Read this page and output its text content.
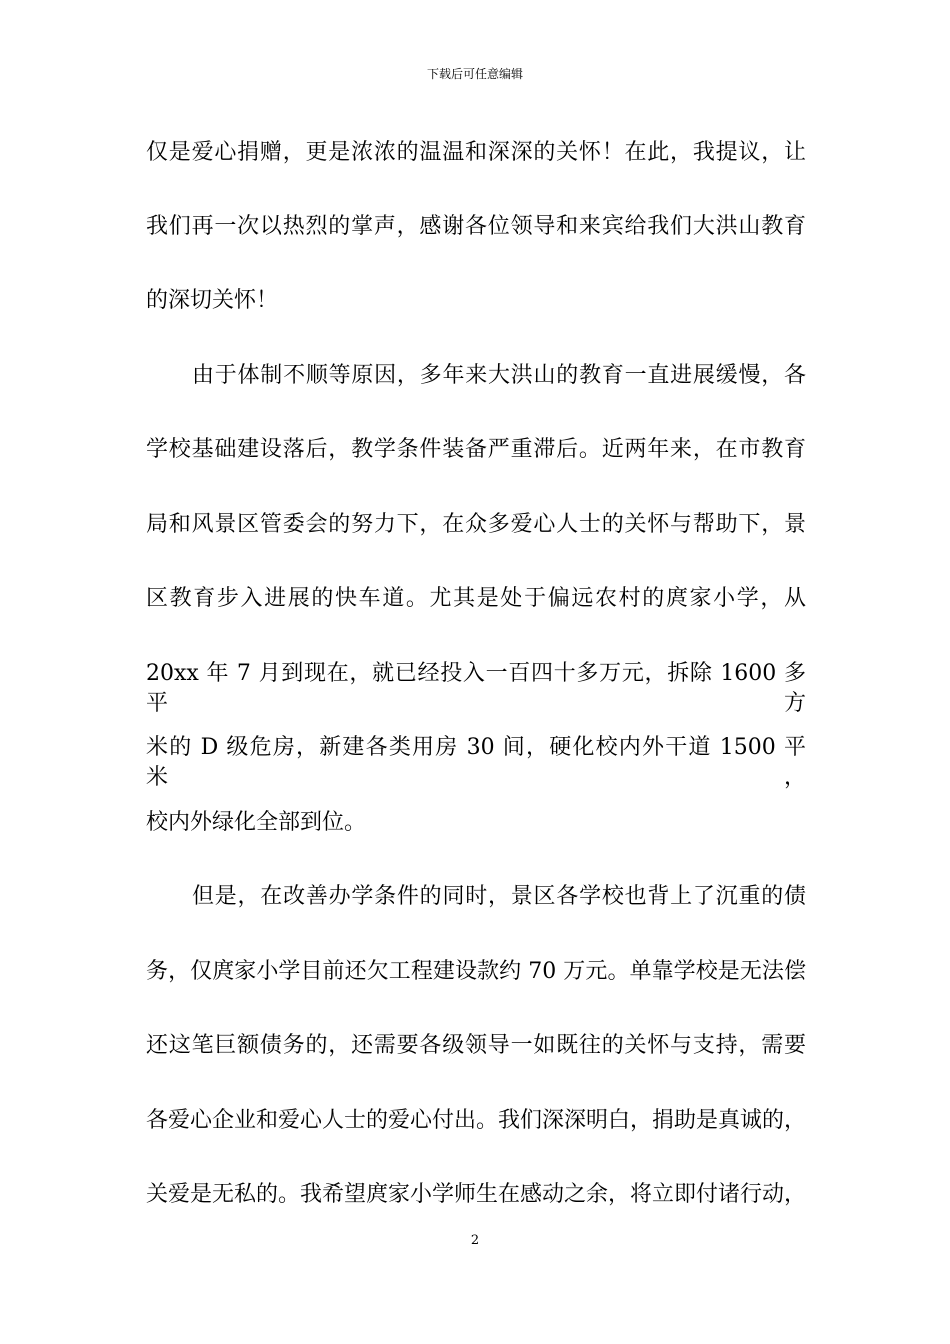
下载后可任意编辑
仅是爱心捐赠，更是浓浓的温温和深深的关怀！在此，我提议，让
我们再一次以热烈的掌声，感谢各位领导和来宾给我们大洪山教育
的深切关怀！
由于体制不顺等原因，多年来大洪山的教育一直进展缓慢，各
学校基础建设落后，教学条件装备严重滞后。近两年来，在市教育
局和风景区管委会的努力下，在众多爱心人士的关怀与帮助下，景
区教育步入进展的快车道。尤其是处于偏远农村的庹家小学，从
20xx 年 7 月到现在，就已经投入一百四十多万元，拆除 1600 多平方
米的 D 级危房，新建各类用房 30 间，硬化校内外干道 1500 平米，
校内外绿化全部到位。
但是，在改善办学条件的同时，景区各学校也背上了沉重的债
务，仅庹家小学目前还欠工程建设款约 70 万元。单靠学校是无法偿
还这笔巨额债务的，还需要各级领导一如既往的关怀与支持，需要
各爱心企业和爱心人士的爱心付出。我们深深明白，捐助是真诚的，
关爱是无私的。我希望庹家小学师生在感动之余，将立即付诸行动，
2
